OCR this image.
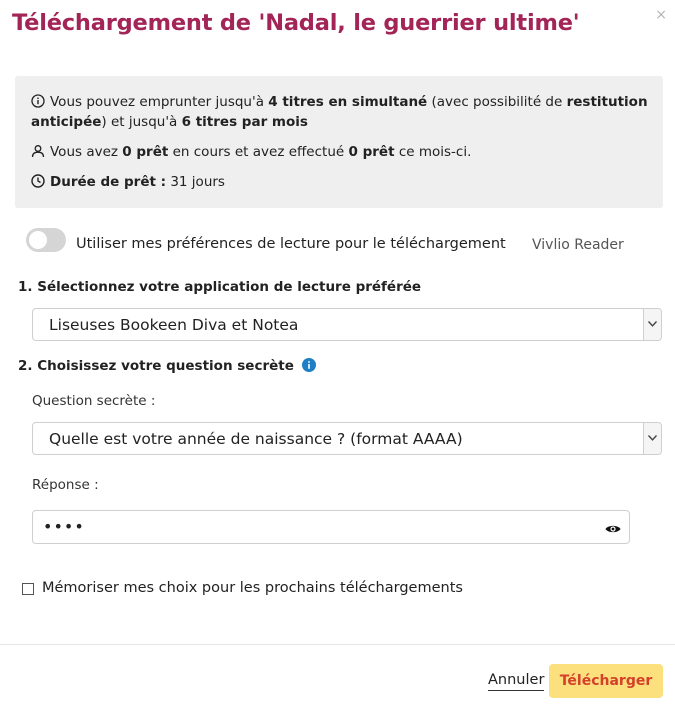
Téléchargement de 'Nadal, le guerrier ultime'	×
Vous pouvez emprunter jusqu'à 4 titres en simultané (avec possibilité de restitution
anticipée) et jusqu'à 6 titres par mois
Vous avez 0 prêt en cours et avez effectué 0 prêt ce mois-ci.
Durée de prêt : 31 jours
Utiliser mes préférences de lecture pour le téléchargement Vivlio Reader
1. Sélectionnez votre application de lecture préférée
Liseuses Bookeen Diva et Notea
2. Choisissez votre question secrète
Question secrète :
Quelle est votre année de naissance ? (format AAAA)
Réponse :
••••
Mémoriser mes choix pour les prochains téléchargements
Annuler	Télécharger
